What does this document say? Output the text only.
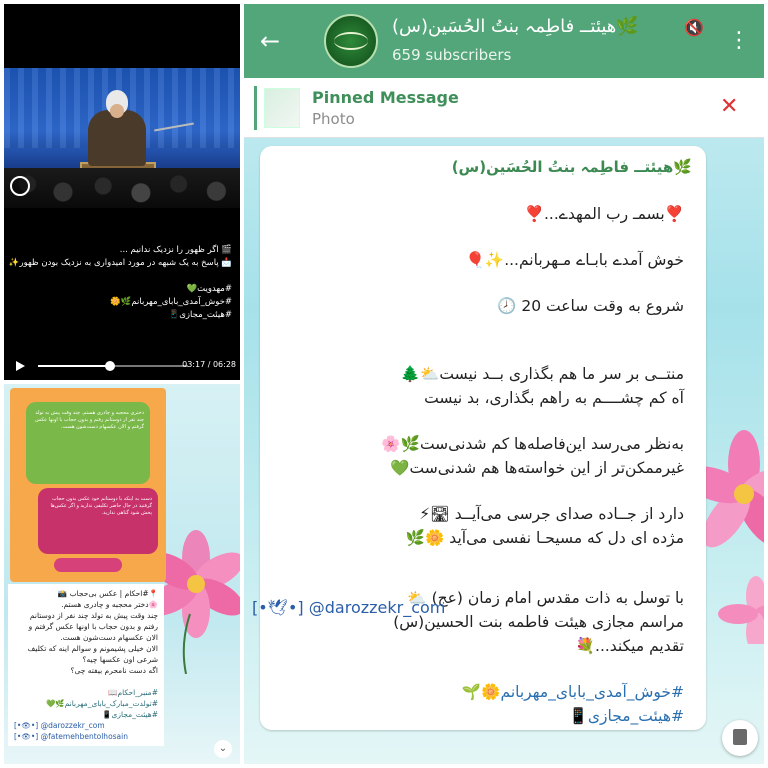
🎬 اگر ظهور را نزدیک ندانیم ...
📩 پاسخ به یک شبهه در مورد امیدواری به نزدیک بودن ظهور✨

#مهدویت💚
#خوش_آمدی_بابای_مهربانم🌿🌼
#هیئت_مجازی📱
03:17 / 06:28
دختری محجبه و چادری هستم. چند وقت پیش به تولد چند نفر از دوستانم رفتم و بدون حجاب با اونها عکس گرفتم و الان عکسهام دست‌شون هست.
دست به اینکه با دوستانم خود عکس بدون حجاب گرفتید در حال حاضر تکلیفی ندارید و اگر عکس‌ها پخش شود گناهی ندارید.
📍#احکام | عکس بی‌حجاب 📸
🌸دختر محجبه و چادری هستم.
چند وقت پیش به تولد چند نفر از دوستانم
رفتم و بدون حجاب با اونها عکس گرفتم و
الان عکسهام دست‌شون هست.
الان خیلی پشیمونم و سوالم اینه که تکلیف
شرعی اون عکسها چیه؟
اگه دست نامحرم بیفته چی؟

#منبر_احکام📖
#تولدت_مبارک_بابای_مهربانم🌿💚
#هیئت_مجازی📱
[•👁•] @darozzekr_com
[•👁•] @fatemehbentolhosain
⌄
←
🌿هیئتــ فاطِمہ بنتُ الحُسَین(س)	🔇
659 subscribers
⋮
Pinned Message
Photo	✕
🌿هیئتــ فاطِمہ بنتُ الحُسَین(س)
❣️بسمـ رب المهدے...❣️
خوش آمدے بابـاے مـهربانم...✨🎈
شروع به وقت ساعت 20 🕗
منتــی بر سر ما هم بگذاری بــد نیست⛅🌲
آه کم چشــــم به راهم بگذاری، بد نیست
به‌نظر می‌رسد این‌فاصله‌ها کم شدنی‌ست🌿🌸
غیرممکن‌تر از این خواسته‌ها هم شدنی‌ست💚
دارد از جــاده صدای جرسی می‌آیــد 🛣⚡
مژده ای دل که مسیحـا نفسی می‌آید 🌼🌿
با توسل به ذات مقدس امام زمان (عج) ⛅
مراسم مجازی هیئت فاطمه بنت الحسین(س)
تقدیم میکند...💐
#خوش_آمدی_بابای_مهربانم🌼🌱
#هیئت_مجازی📱
[•🕊•] @darozzekr_com
